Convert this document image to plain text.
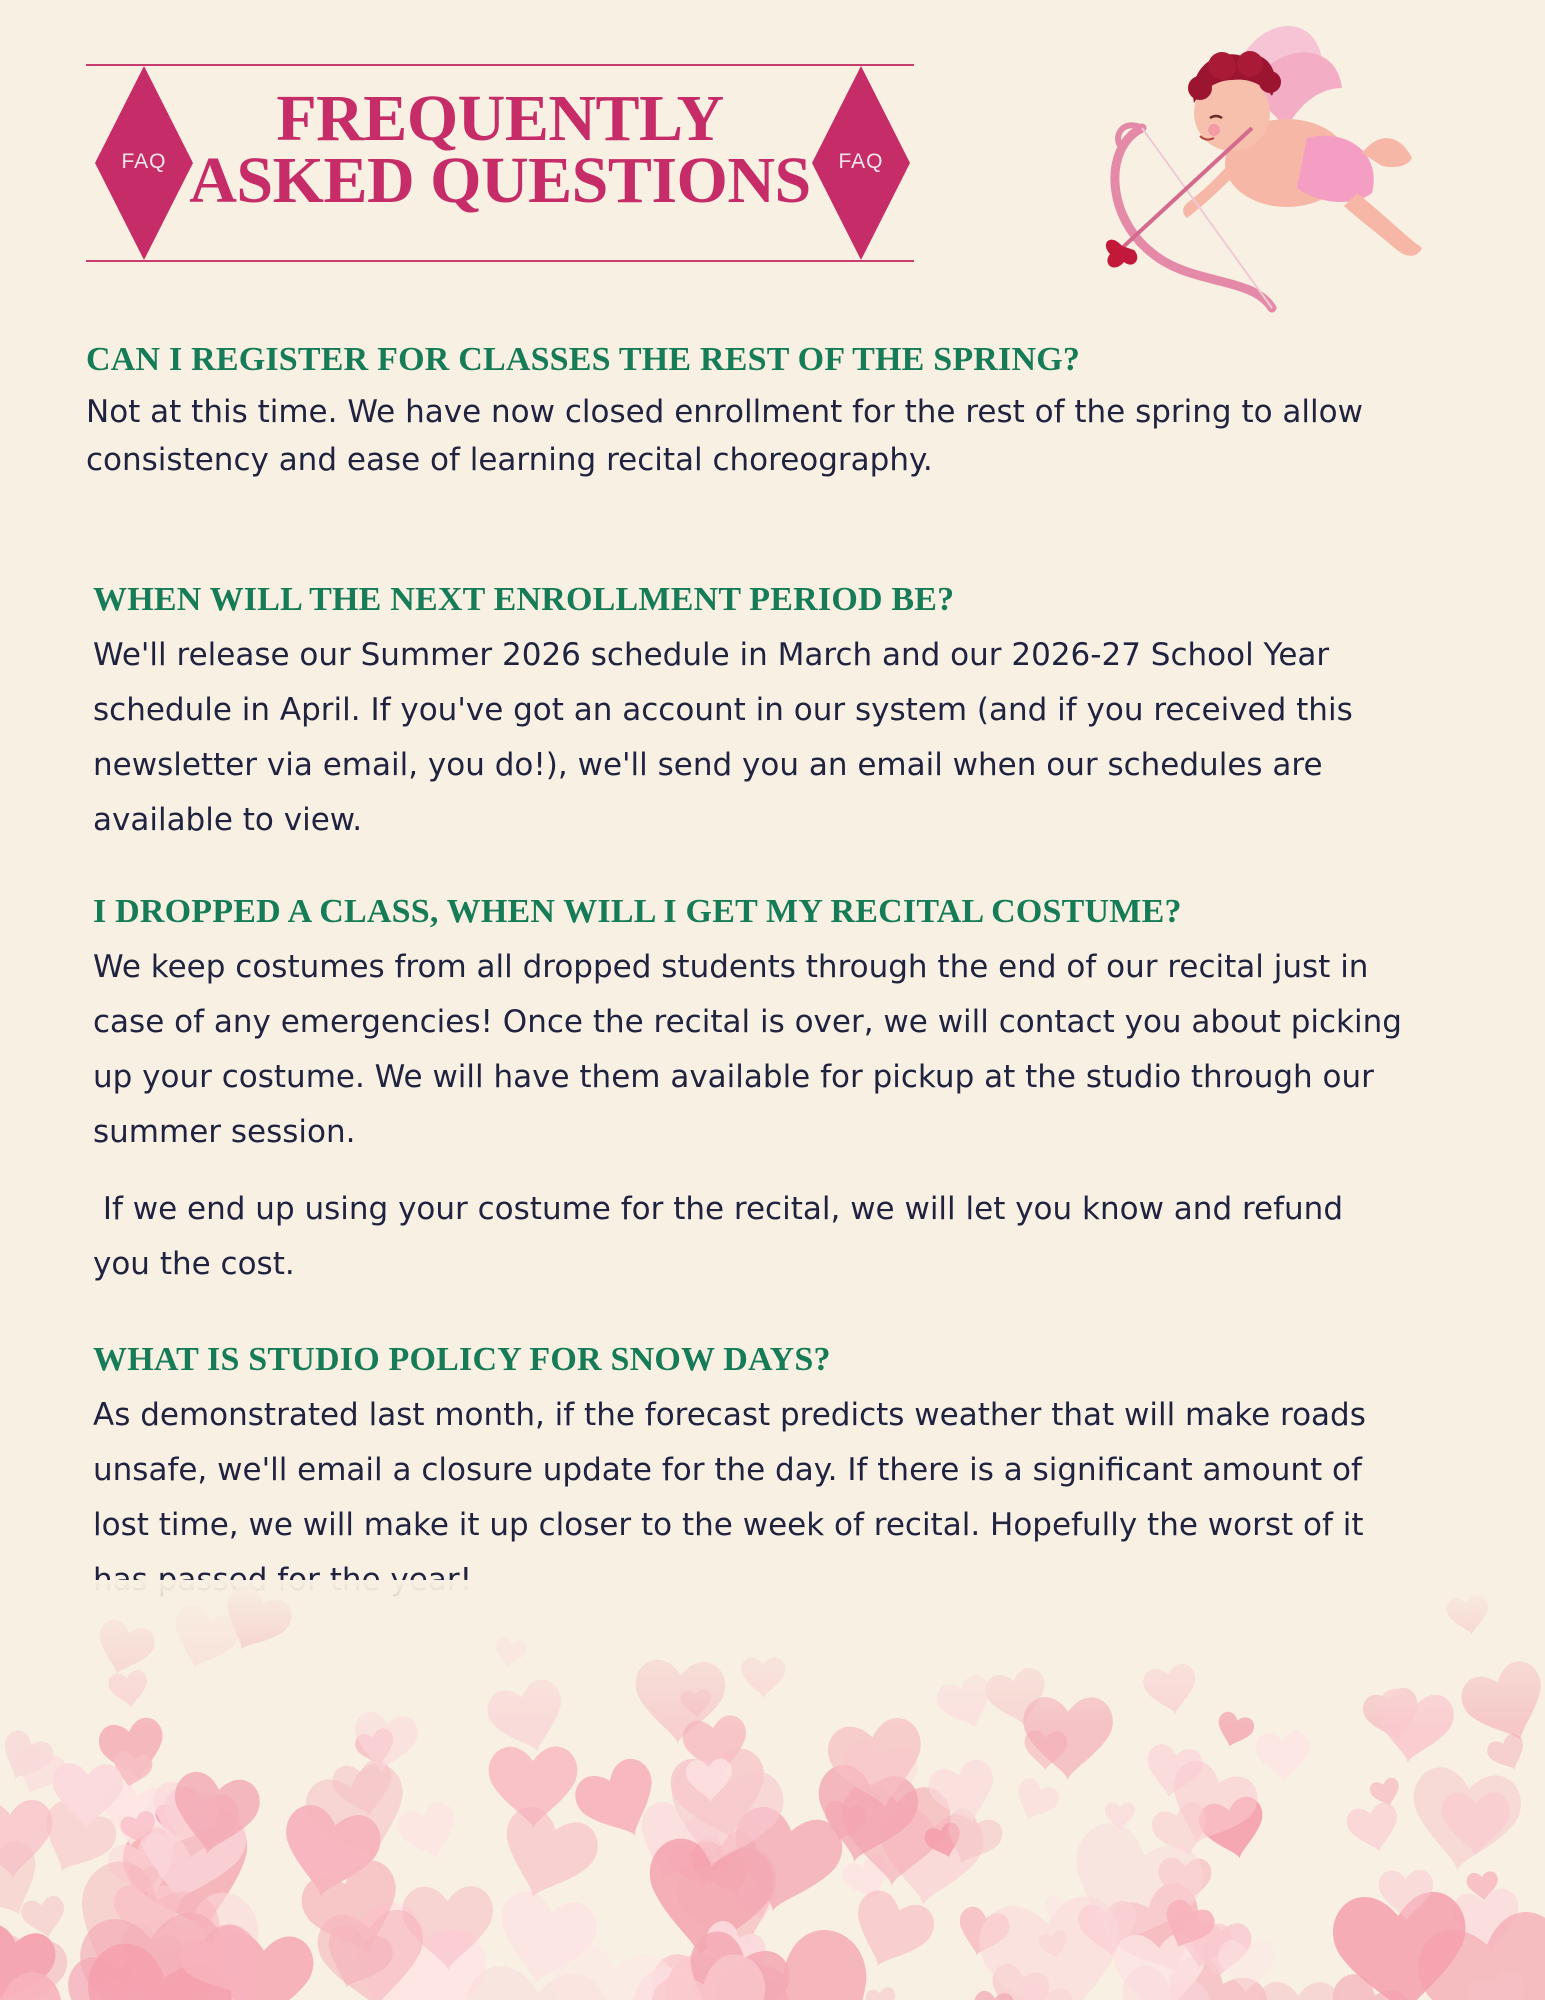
FAQ
FREQUENTLY
ASKED QUESTIONS	FAQ

CAN I REGISTER FOR CLASSES THE REST OF THE SPRING?

Not at this time. We have now closed enrollment for the rest of the spring to allow consistency and ease of learning recital choreography.

WHEN WILL THE NEXT ENROLLMENT PERIOD BE?

We'll release our Summer 2026 schedule in March and our 2026-27 School Year schedule in April. If you've got an account in our system (and if you received this newsletter via email, you do!), we'll send you an email when our schedules are available to view.

I DROPPED A CLASS, WHEN WILL I GET MY RECITAL COSTUME?

We keep costumes from all dropped students through the end of our recital just in case of any emergencies! Once the recital is over, we will contact you about picking up your costume. We will have them available for pickup at the studio through our summer session.

If we end up using your costume for the recital, we will let you know and refund you the cost.

WHAT IS STUDIO POLICY FOR SNOW DAYS?

As demonstrated last month, if the forecast predicts weather that will make roads unsafe, we'll email a closure update for the day. If there is a significant amount of lost time, we will make it up closer to the week of recital. Hopefully the worst of it
